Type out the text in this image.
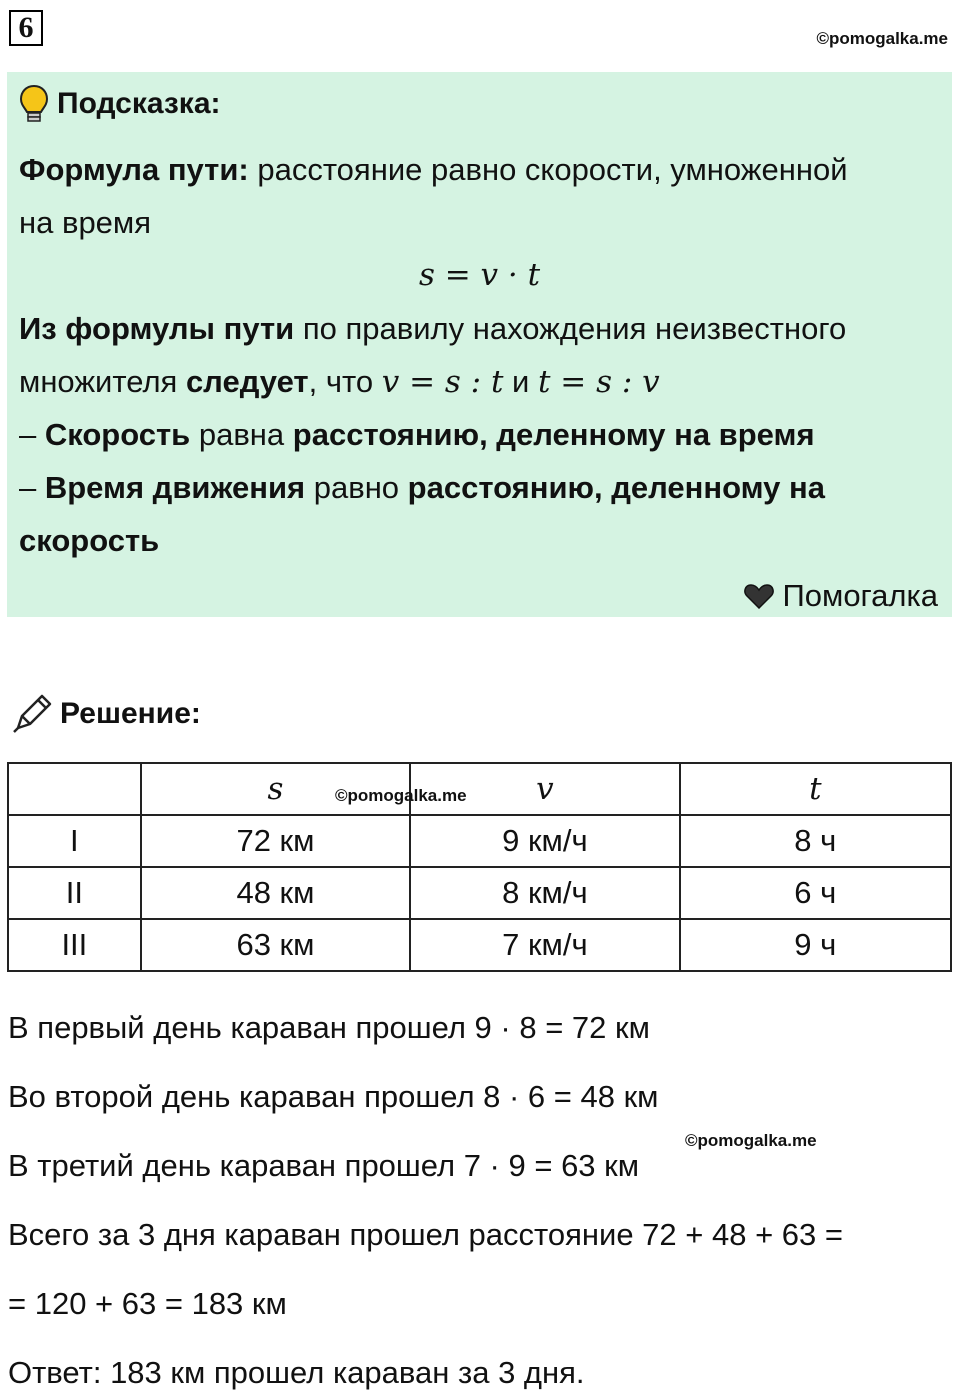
6	©pomogalka.me
Подсказка:
Формула пути: расстояние равно скорости, умноженной
на время
s = v · t
Из формулы пути по правилу нахождения неизвестного
множителя следует, что v = s : t и t = s : v
– Скорость равна расстоянию, деленному на время
– Время движения равно расстоянию, деленному на
скорость
Помогалка
Решение:
	s	v	t
I	72 км	9 км/ч	8 ч
II	48 км	8 км/ч	6 ч
III	63 км	7 км/ч	9 ч
©pomogalka.me
В первый день караван прошел 9 · 8 = 72 км
Во второй день караван прошел 8 · 6 = 48 км
©pomogalka.me
В третий день караван прошел 7 · 9 = 63 км
Всего за 3 дня караван прошел расстояние 72 + 48 + 63 =
= 120 + 63 = 183 км
Ответ: 183 км прошел караван за 3 дня.
